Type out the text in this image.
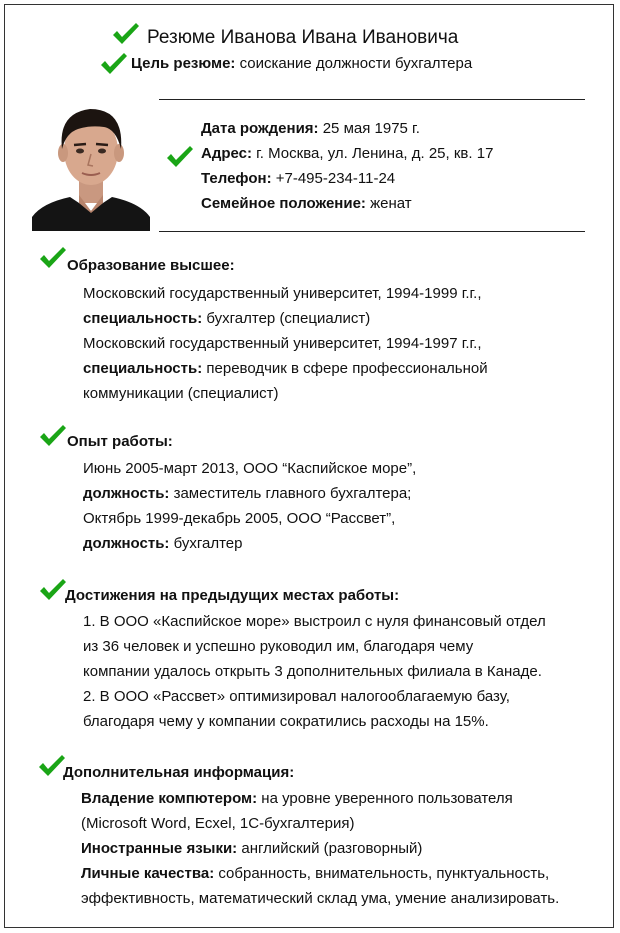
Резюме Иванова Ивана Ивановича
Цель резюме: соискание должности бухгалтера
Дата рождения: 25 мая 1975 г.
Адрес: г. Москва, ул. Ленина, д. 25, кв. 17
Телефон: +7-495-234-11-24
Семейное положение: женат
Образование высшее:
Московский государственный университет, 1994-1999 г.г.,
специальность: бухгалтер (специалист)
Московский государственный университет, 1994-1997 г.г.,
специальность: переводчик в сфере профессиональной
коммуникации (специалист)
Опыт работы:
Июнь 2005-март 2013, ООО “Каспийское море”,
должность: заместитель главного бухгалтера;
Октябрь 1999-декабрь 2005, ООО “Рассвет”,
должность: бухгалтер
Достижения на предыдущих местах работы:
1. В ООО «Каспийское море» выстроил с нуля финансовый отдел
из 36 человек и успешно руководил им, благодаря чему
компании удалось открыть 3 дополнительных филиала в Канаде.
2. В ООО «Рассвет» оптимизировал налогооблагаемую базу,
благодаря чему у компании сократились расходы на 15%.
Дополнительная информация:
Владение компютером: на уровне уверенного пользователя
(Microsoft Word, Ecxel, 1С-бухгалтерия)
Иностранные языки: английский (разговорный)
Личные качества: собранность, внимательность, пунктуальность,
эффективность, математический склад ума, умение анализировать.
